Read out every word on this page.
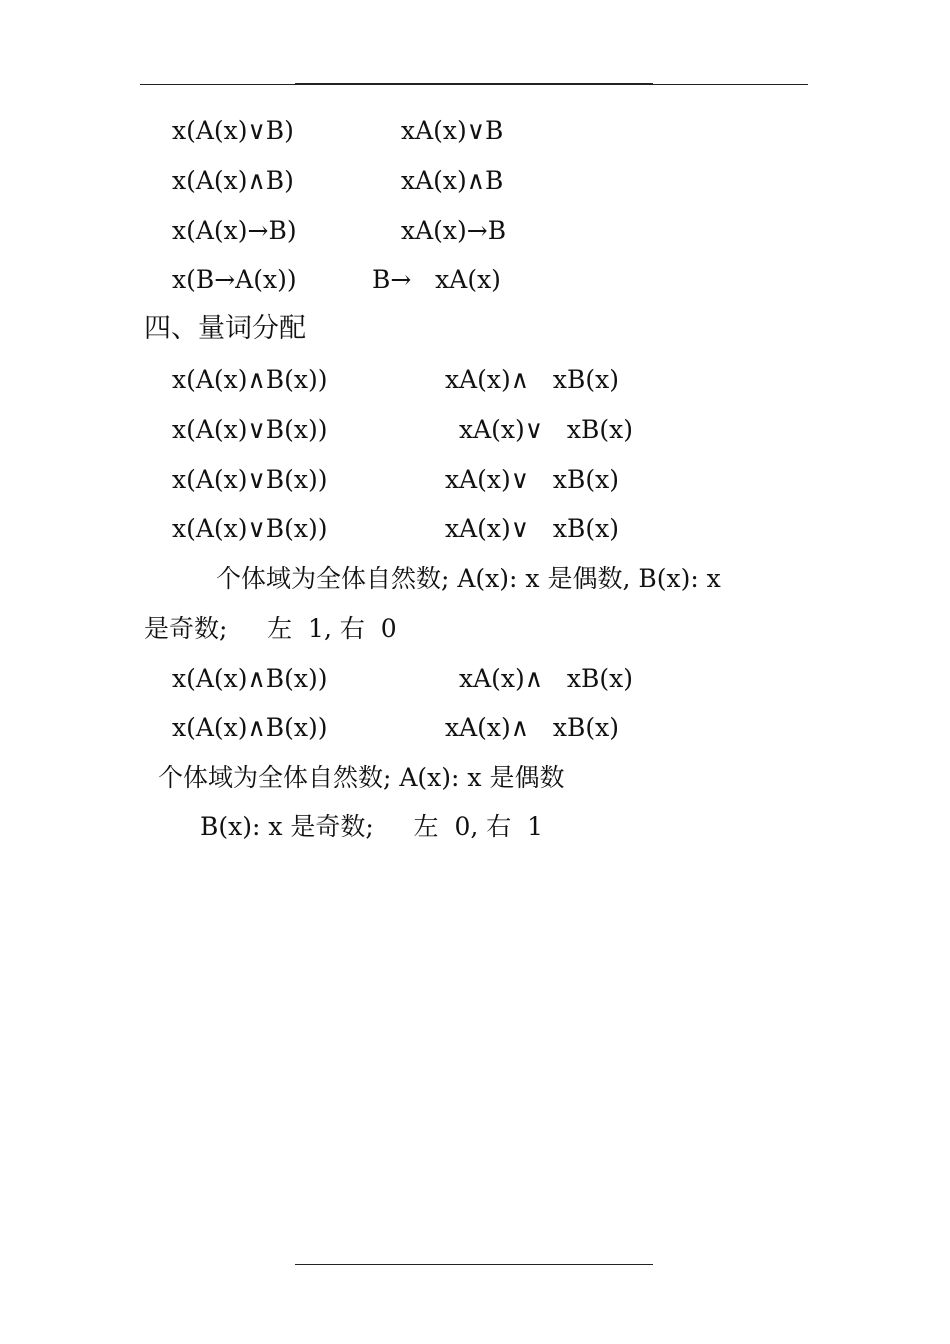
x(A(x)∨B)	xA(x)∨B
x(A(x)∧B)	xA(x)∧B
x(A(x)→B)	xA(x)→B
x(B→A(x))	B→   xA(x)
四、量词分配
x(A(x)∧B(x))	xA(x)∧   xB(x)
x(A(x)∨B(x))	xA(x)∨   xB(x)
x(A(x)∨B(x))	xA(x)∨   xB(x)
x(A(x)∨B(x))	xA(x)∨   xB(x)
个体域为全体自然数; A(x): x 是偶数, B(x): x
是奇数;     左  1, 右  0
x(A(x)∧B(x))	xA(x)∧   xB(x)
x(A(x)∧B(x))	xA(x)∧   xB(x)
个体域为全体自然数; A(x): x 是偶数
B(x): x 是奇数;     左  0, 右  1
